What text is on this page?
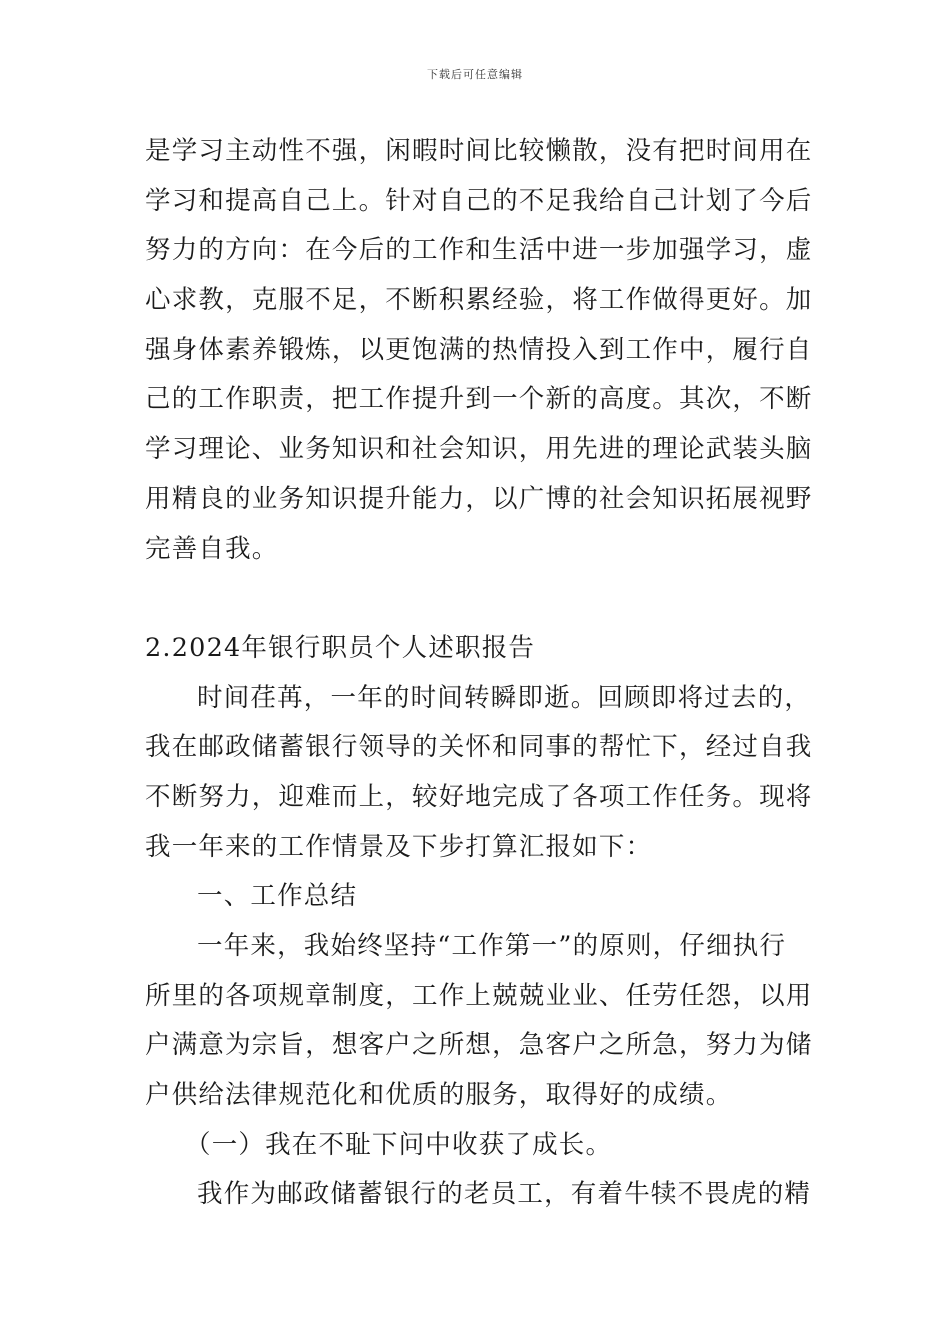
下载后可任意编辑
是学习主动性不强，闲暇时间比较懒散，没有把时间用在
学习和提高自己上。针对自己的不足我给自己计划了今后
努力的方向：在今后的工作和生活中进一步加强学习，虚
心求教，克服不足，不断积累经验，将工作做得更好。加
强身体素养锻炼，以更饱满的热情投入到工作中，履行自
己的工作职责，把工作提升到一个新的高度。其次，不断
学习理论、业务知识和社会知识，用先进的理论武装头脑
用精良的业务知识提升能力，以广博的社会知识拓展视野
完善自我。
2.2024年银行职员个人述职报告
时间荏苒，一年的时间转瞬即逝。回顾即将过去的，
我在邮政储蓄银行领导的关怀和同事的帮忙下，经过自我
不断努力，迎难而上，较好地完成了各项工作任务。现将
我一年来的工作情景及下步打算汇报如下：
一、工作总结
一年来，我始终坚持“工作第一”的原则，仔细执行
所里的各项规章制度，工作上兢兢业业、任劳任怨，以用
户满意为宗旨，想客户之所想，急客户之所急，努力为储
户供给法律规范化和优质的服务，取得好的成绩。
（一）我在不耻下问中收获了成长。
我作为邮政储蓄银行的老员工，有着牛犊不畏虎的精
